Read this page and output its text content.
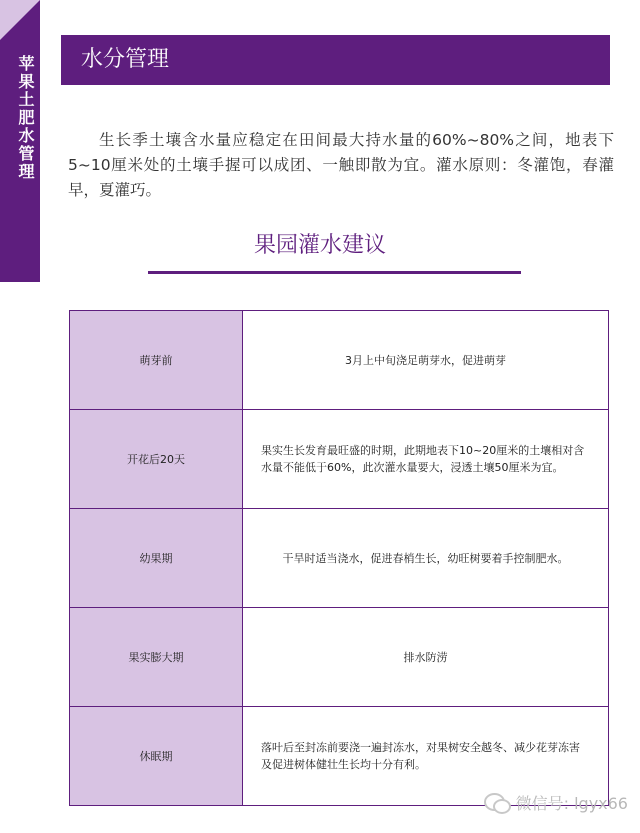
苹果土肥水管理 水分管理

生长季土壤含水量应稳定在田间最大持水量的60%~80%之间，地表下5~10厘米处的土壤手握可以成团、一触即散为宜。灌水原则：冬灌饱，春灌早，夏灌巧。

果园灌水建议
萌芽前	3月上中旬浇足萌芽水，促进萌芽
开花后20天	果实生长发育最旺盛的时期，此期地表下10~20厘米的土壤相对含水量不能低于60%，此次灌水量要大，浸透土壤50厘米为宜。
幼果期	干旱时适当浇水，促进春梢生长，幼旺树要着手控制肥水。
果实膨大期	排水防涝
休眠期	落叶后至封冻前要浇一遍封冻水，对果树安全越冬、减少花芽冻害及促进树体健壮生长均十分有利。
微信号: lgyx66
